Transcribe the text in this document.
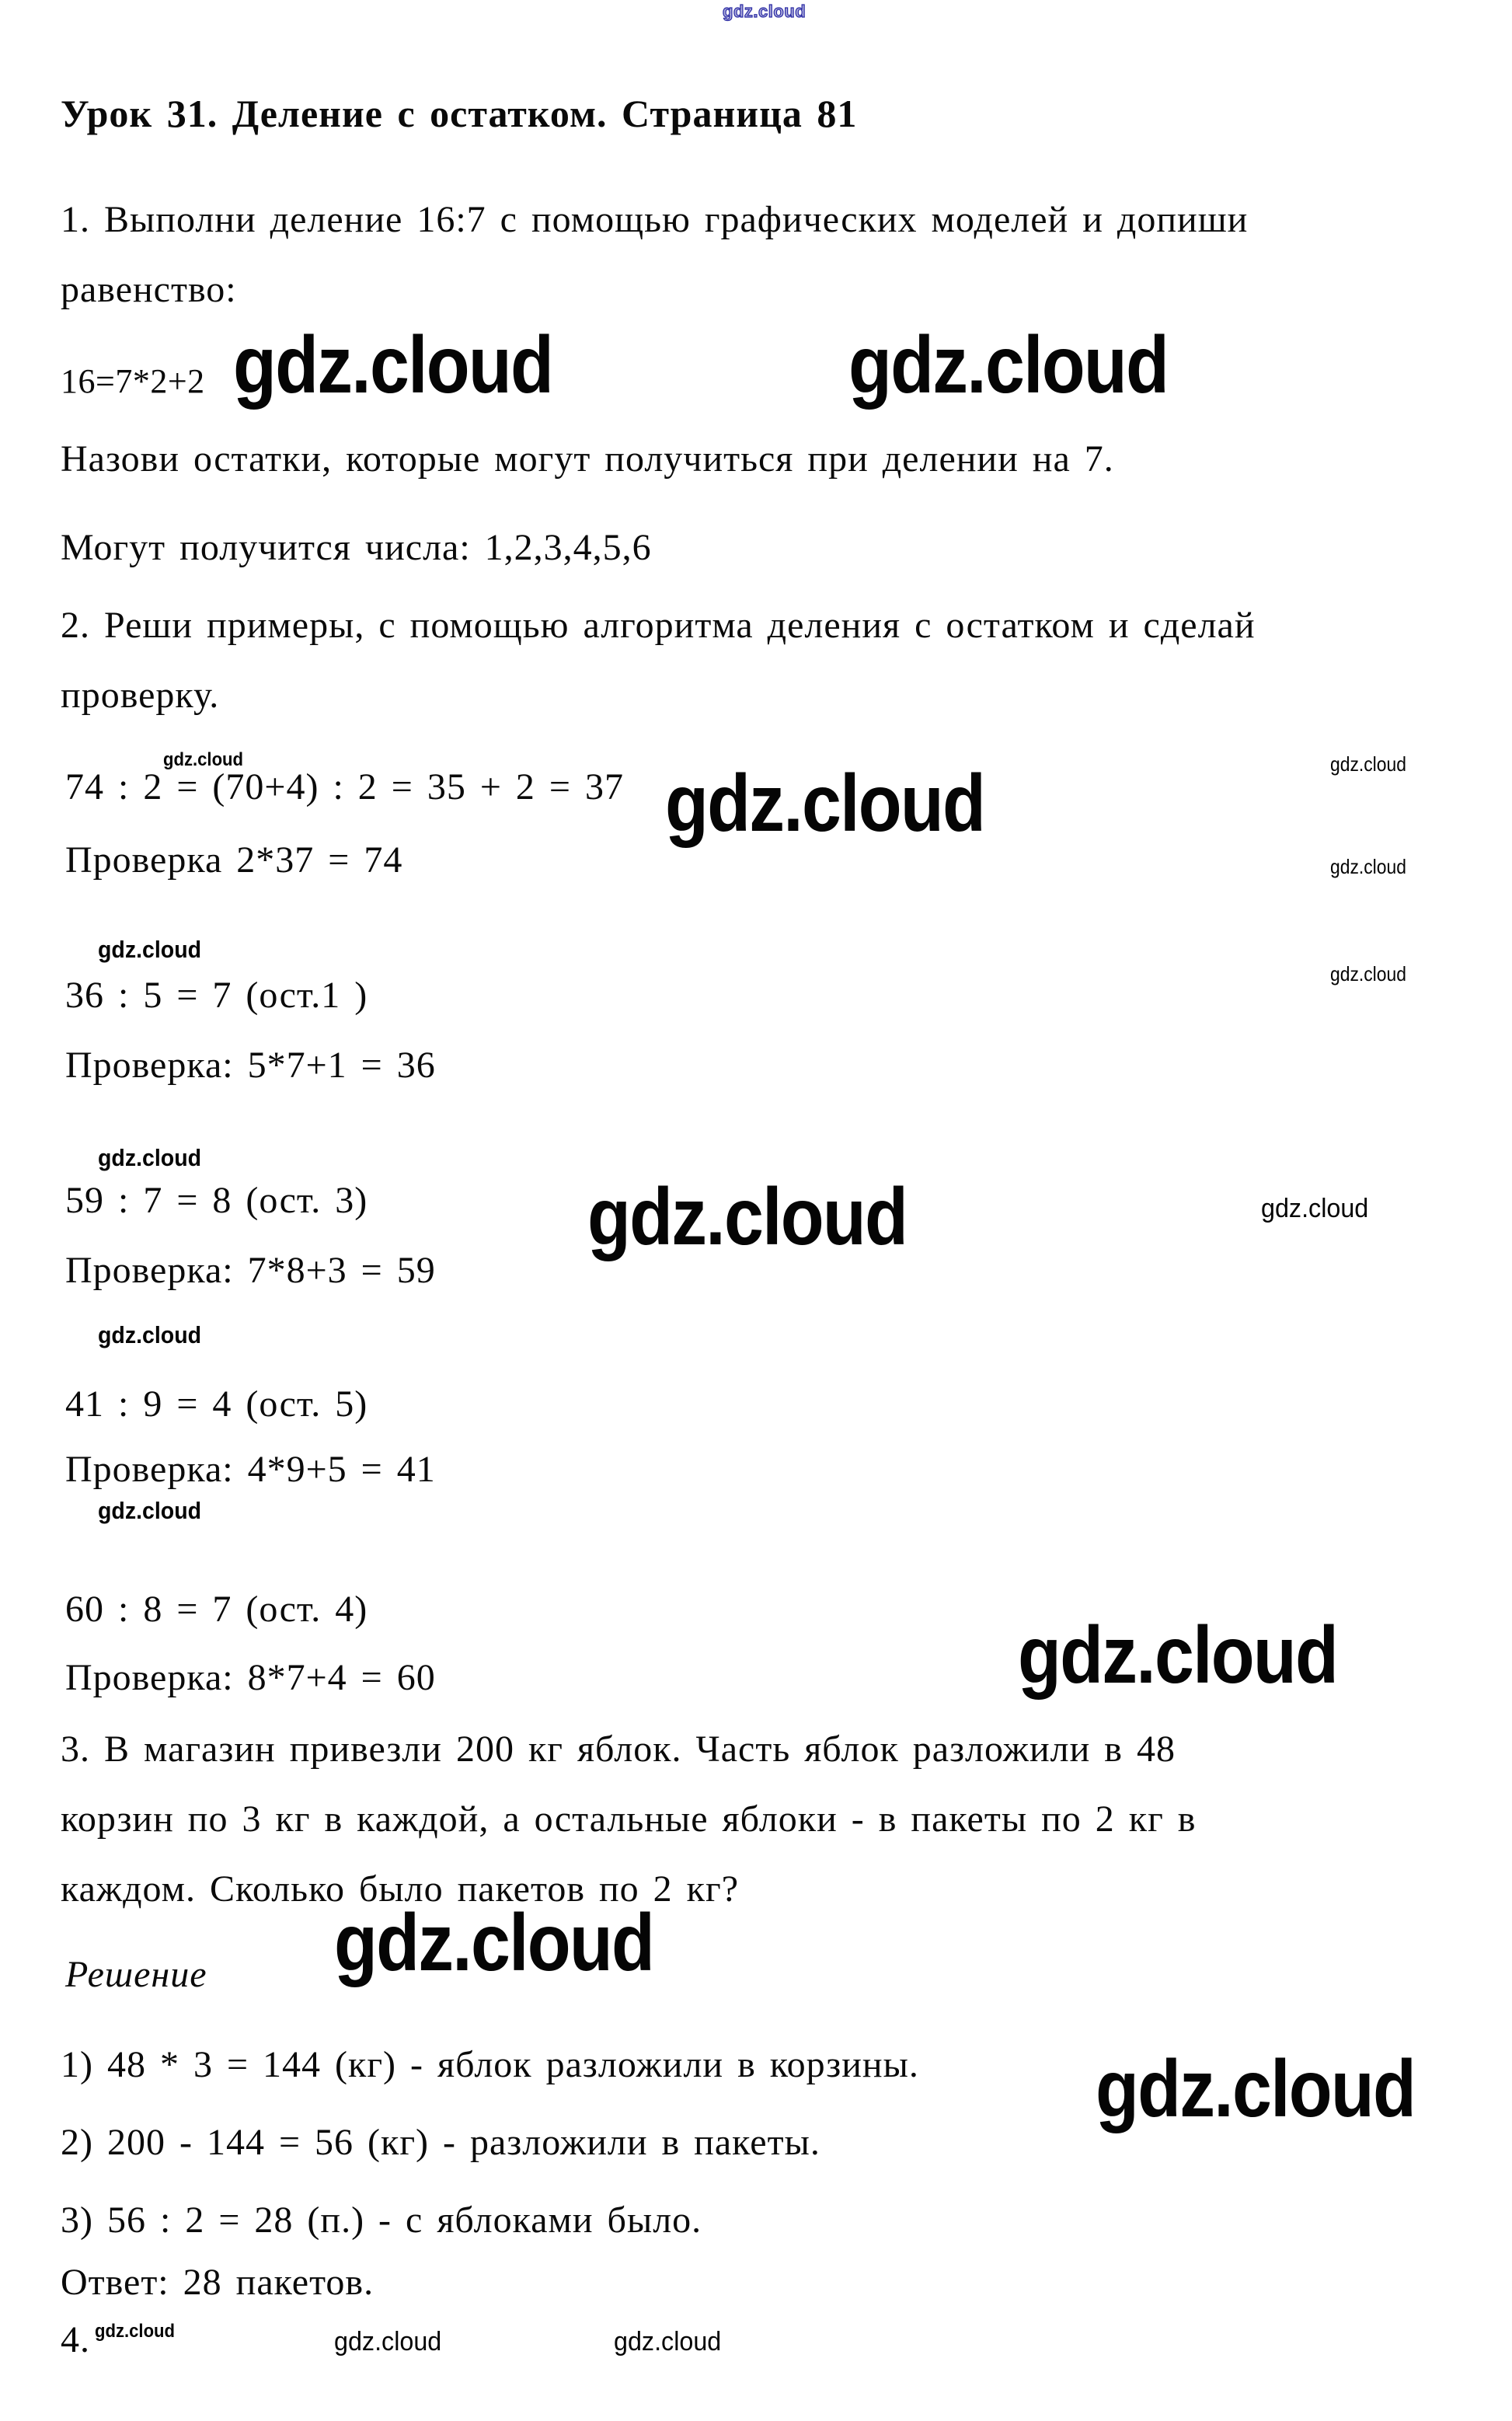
gdz.cloud
Урок 31. Деление с остатком. Страница 81
1. Выполни деление 16:7 с помощью графических моделей и допиши
равенство:
16=7*2+2 gdz.cloud	gdz.cloud
Назови остатки, которые могут получиться при делении на 7.
Могут получится числа: 1,2,3,4,5,6
2. Реши примеры, с помощью алгоритма деления с остатком и сделай
проверку.
gdz.cloud
74 : 2 = (70+4) : 2 = 35 + 2 = 37 gdz.cloud	gdz.cloud
Проверка 2*37 = 74	gdz.cloud
gdz.cloud
gdz.cloud
36 : 5 = 7 (ост.1 )
Проверка: 5*7+1 = 36
gdz.cloud
59 : 7 = 8 (ост. 3)	gdz.cloud	gdz.cloud
Проверка: 7*8+3 = 59
gdz.cloud
41 : 9 = 4 (ост. 5)
Проверка: 4*9+5 = 41
gdz.cloud
60 : 8 = 7 (ост. 4)
Проверка: 8*7+4 = 60	gdz.cloud
3. В магазин привезли 200 кг яблок. Часть яблок разложили в 48
корзин по 3 кг в каждой, а остальные яблоки - в пакеты по 2 кг в
каждом. Сколько было пакетов по 2 кг?
gdz.cloud
Решение
1) 48 * 3 = 144 (кг) - яблок разложили в корзины. gdz.cloud
2) 200 - 144 = 56 (кг) - разложили в пакеты.
3) 56 : 2 = 28 (п.) - с яблоками было.
Ответ: 28 пакетов.
4. gdz.cloud	gdz.cloud	gdz.cloud
